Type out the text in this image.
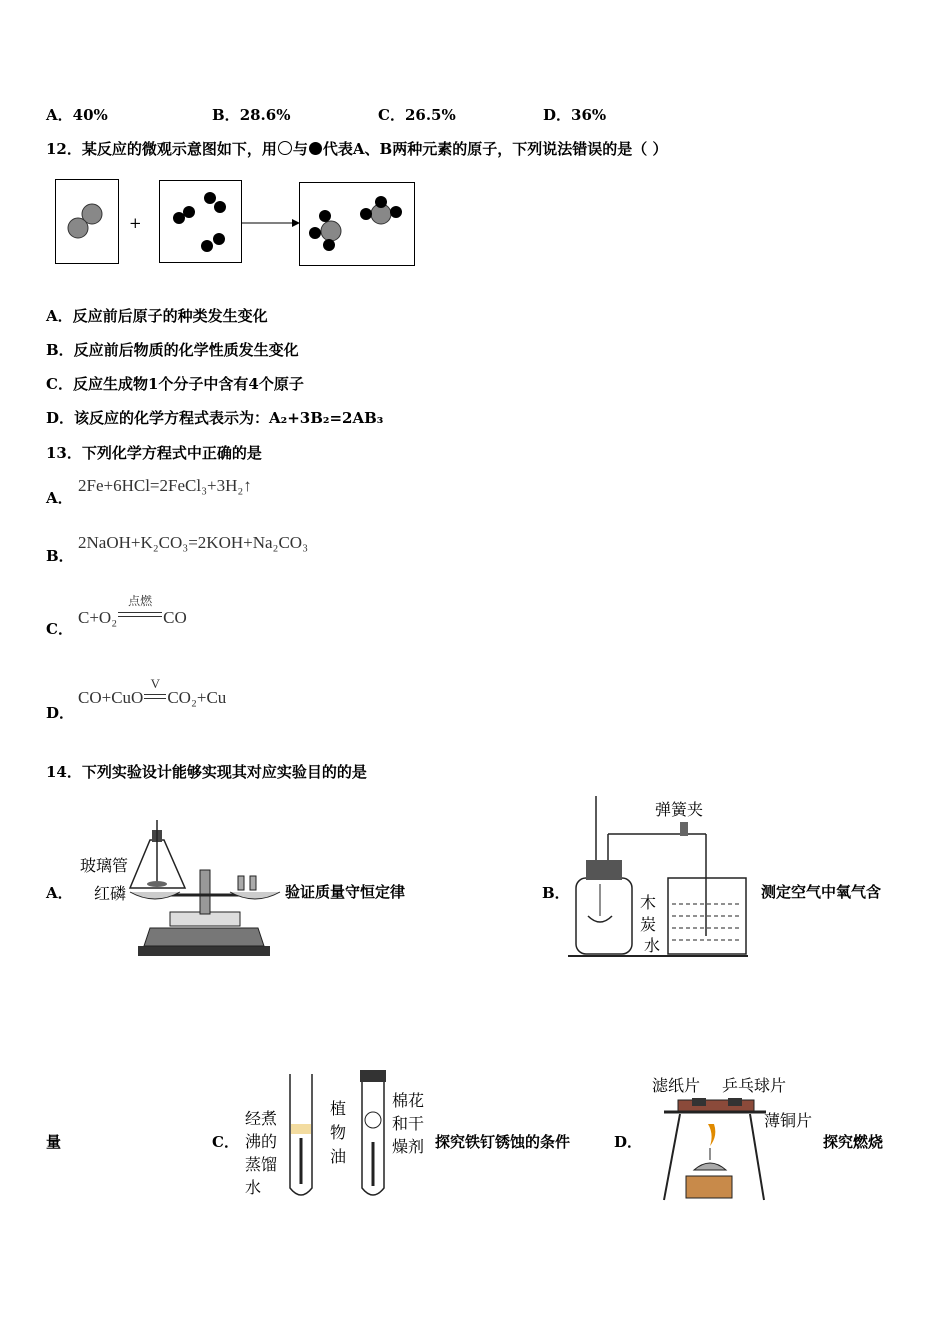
A．40%	B．28.6%	C．26.5%	D．36%
12．某反应的微观示意图如下，用 与 代表A、B两种元素的原子，下列说法错误的是（ ）
+
A．反应前后原子的种类发生变化
B．反应前后物质的化学性质发生变化
C．反应生成物1个分子中含有4个原子
D．该反应的化学方程式表示为：A₂+3B₂=2AB₃
13．下列化学方程式中正确的是
A．
2Fe+6HCl=2FeCl₃+3H₂↑
B．
2NaOH+K₂CO₃=2KOH+Na₂CO₃
C．
C+O₂
点燃
CO
D．
CO+CuO
V
CO₂+Cu
14．下列实验设计能够实现其对应实验目的的是
A．
玻璃管
红磷	验证质量守恒定律	B．
弹簧夹
木
炭
水
测定空气中氧气含
量	C．
经煮
沸的
蒸馏
水
植
物
油
棉花
和干
燥剂 探究铁钉锈蚀的条件	D．
滤纸片 乒乓球片
薄铜片
探究燃烧
